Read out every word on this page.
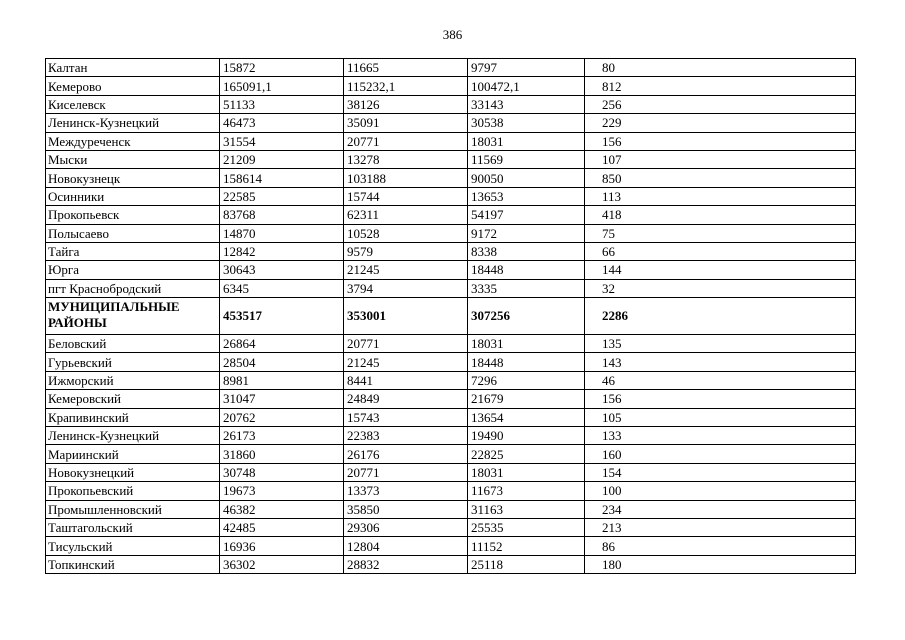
386
Калтан	15872	11665	9797	80
Кемерово	165091,1	115232,1	100472,1	812
Киселевск	51133	38126	33143	256
Ленинск-Кузнецкий	46473	35091	30538	229
Междуреченск	31554	20771	18031	156
Мыски	21209	13278	11569	107
Новокузнецк	158614	103188	90050	850
Осинники	22585	15744	13653	113
Прокопьевск	83768	62311	54197	418
Полысаево	14870	10528	9172	75
Тайга	12842	9579	8338	66
Юрга	30643	21245	18448	144
пгт Краснобродский	6345	3794	3335	32
МУНИЦИПАЛЬНЫЕ РАЙОНЫ	453517	353001	307256	2286
Беловский	26864	20771	18031	135
Гурьевский	28504	21245	18448	143
Ижморский	8981	8441	7296	46
Кемеровский	31047	24849	21679	156
Крапивинский	20762	15743	13654	105
Ленинск-Кузнецкий	26173	22383	19490	133
Мариинский	31860	26176	22825	160
Новокузнецкий	30748	20771	18031	154
Прокопьевский	19673	13373	11673	100
Промышленновский	46382	35850	31163	234
Таштагольский	42485	29306	25535	213
Тисульский	16936	12804	11152	86
Топкинский	36302	28832	25118	180
